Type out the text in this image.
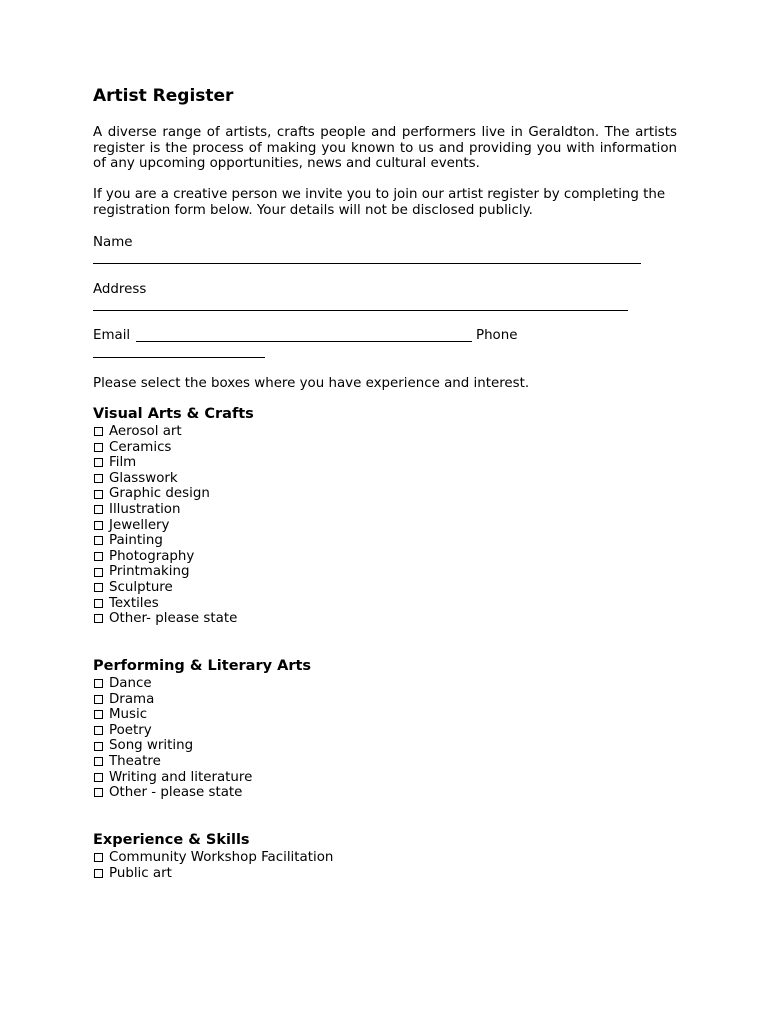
Artist Register

A diverse range of artists, crafts people and performers live in Geraldton. The artists register is the process of making you known to us and providing you with information of any upcoming opportunities, news and cultural events.

If you are a creative person we invite you to join our artist register by completing the registration form below. Your details will not be disclosed publicly.

Name

Address

Email	Phone

Please select the boxes where you have experience and interest.

Visual Arts & Crafts
Aerosol art
Ceramics
Film
Glasswork
Graphic design
Illustration
Jewellery
Painting
Photography
Printmaking
Sculpture
Textiles
Other- please state
Performing & Literary Arts
Dance
Drama
Music
Poetry
Song writing
Theatre
Writing and literature
Other - please state
Experience & Skills
Community Workshop Facilitation
Public art
